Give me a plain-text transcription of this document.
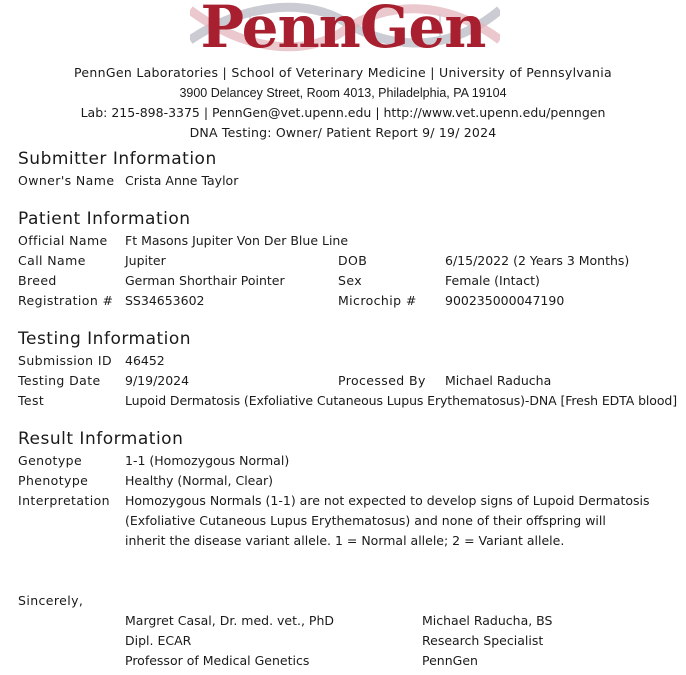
PennGen
PennGen Laboratories | School of Veterinary Medicine | University of Pennsylvania
3900 Delancey Street, Room 4013, Philadelphia, PA 19104
Lab: 215-898-3375 | PennGen@vet.upenn.edu | http://www.vet.upenn.edu/penngen
DNA Testing: Owner/ Patient Report 9/ 19/ 2024
Submitter Information
Owner's Name Crista Anne Taylor
Patient Information
Official Name Ft Masons Jupiter Von Der Blue Line
Call Name	Jupiter	DOB	6/15/2022 (2 Years 3 Months)
Breed	German Shorthair Pointer	Sex	Female (Intact)
Registration # SS34653602	Microchip # 900235000047190
Testing Information
Submission ID 46452
Testing Date 9/19/2024	Processed By Michael Raducha
Test	Lupoid Dermatosis (Exfoliative Cutaneous Lupus Erythematosus)-DNA [Fresh EDTA blood]
Result Information
Genotype	1-1 (Homozygous Normal)
Phenotype	Healthy (Normal, Clear)
Interpretation Homozygous Normals (1-1) are not expected to develop signs of Lupoid Dermatosis
(Exfoliative Cutaneous Lupus Erythematosus) and none of their offspring will
inherit the disease variant allele. 1 = Normal allele; 2 = Variant allele.
Sincerely,
Margret Casal, Dr. med. vet., PhD
Dipl. ECAR
Professor of Medical Genetics
Michael Raducha, BS
Research Specialist
PennGen
